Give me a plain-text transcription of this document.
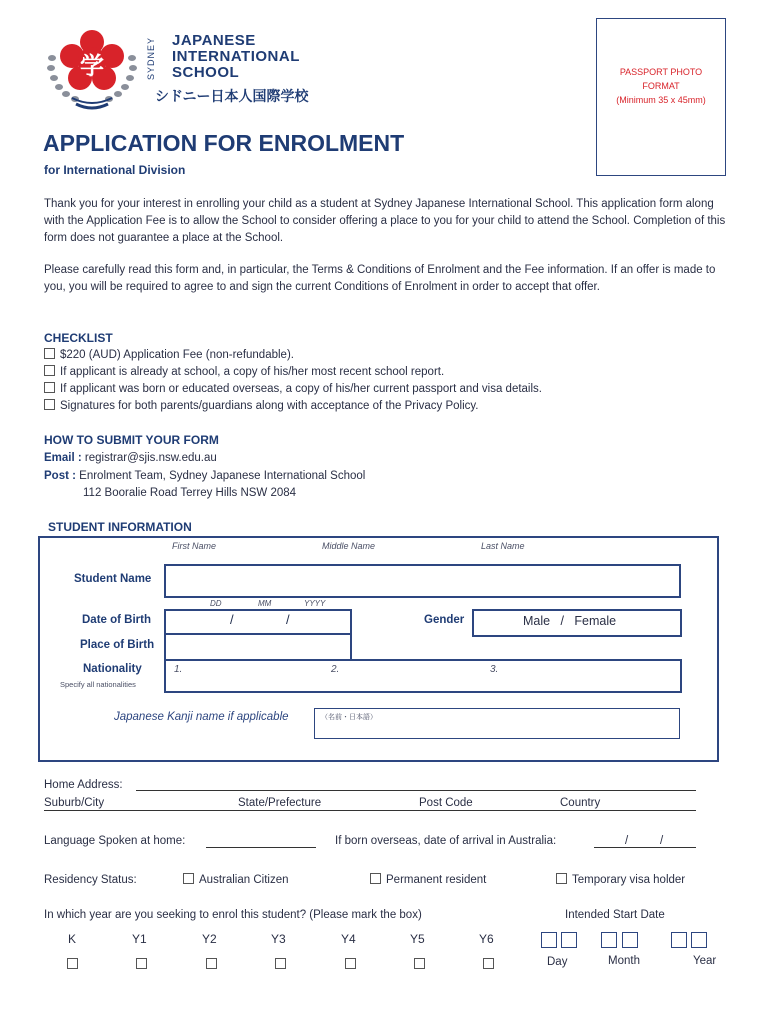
学	SYDNEY JAPANESE
INTERNATIONAL
SCHOOL
シドニー日本人国際学校
PASSPORT PHOTO
FORMAT
(Minimum 35 x 45mm)
APPLICATION FOR ENROLMENT
for International Division
Thank you for your interest in enrolling your child as a student at Sydney Japanese International School. This application form along with the Application Fee is to allow the School to consider offering a place to you for your child to attend the School. Completion of this form does not guarantee a place at the School.
Please carefully read this form and, in particular, the Terms & Conditions of Enrolment and the Fee information. If an offer is made to you, you will be required to agree to and sign the current Conditions of Enrolment in order to accept that offer.
CHECKLIST
$220 (AUD) Application Fee (non-refundable).
If applicant is already at school, a copy of his/her most recent school report.
If applicant was born or educated overseas, a copy of his/her current passport and visa details.
Signatures for both parents/guardians along with acceptance of the Privacy Policy.
HOW TO SUBMIT YOUR FORM
Email : registrar@sjis.nsw.edu.au
Post : Enrolment Team, Sydney Japanese International School
112 Booralie Road Terrey Hills NSW 2084
STUDENT INFORMATION
First Name	Middle Name	Last Name
Student Name
DD	MM	YYYY
Date of Birth	/	/	Gender	Male   /   Female
Place of Birth
Nationality
Specify all nationalities
1.	2.	3.
Japanese Kanji name if applicable	（名前・日本語）
Home Address:
Suburb/City	State/Prefecture	Post Code	Country
Language Spoken at home:	If born overseas, date of arrival in Australia:	/	/
Residency Status:	Australian Citizen	Permanent resident	Temporary visa holder
In which year are you seeking to enrol this student? (Please mark the box)	Intended Start Date
K	Y1	Y2	Y3	Y4	Y5	Y6
Day	Month	Year
